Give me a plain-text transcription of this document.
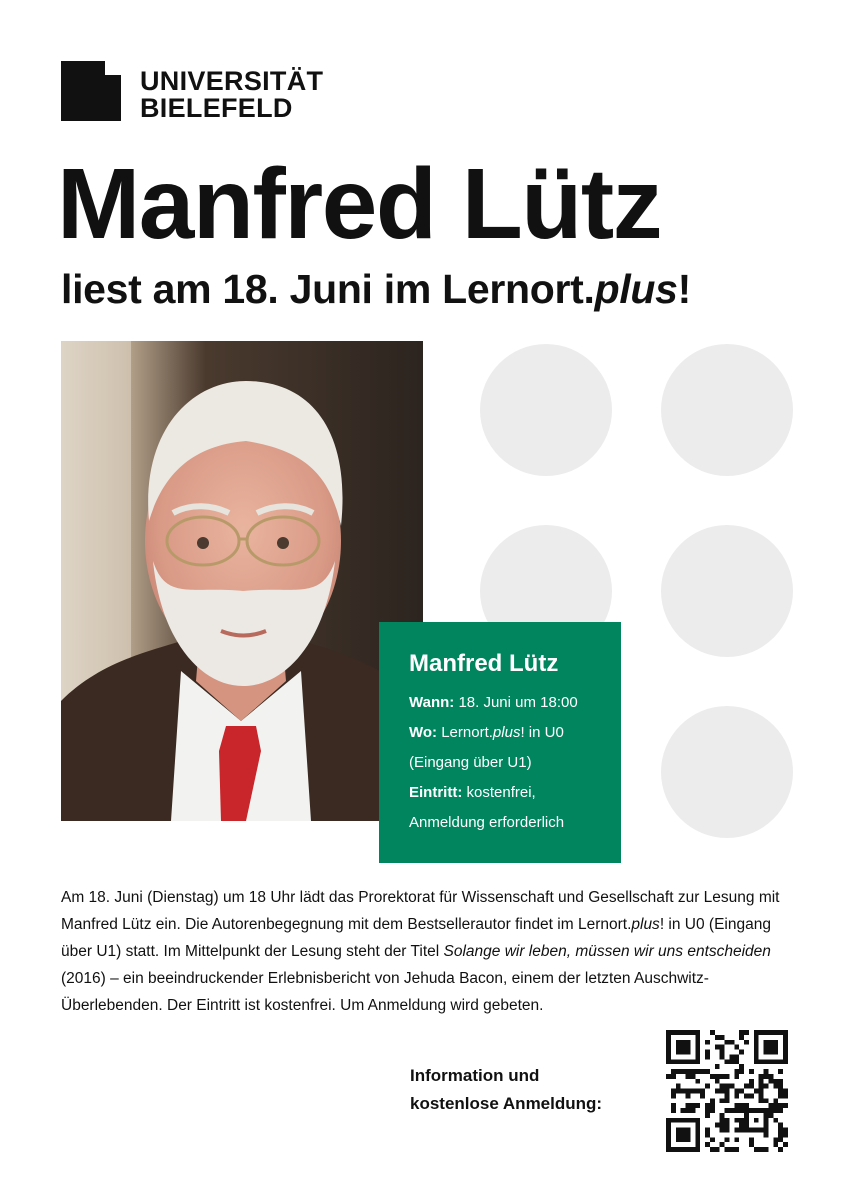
UNIVERSITÄT
BIELEFELD
Manfred Lütz
liest am 18. Juni im Lernort.plus!
Manfred Lütz
Wann: 18. Juni um 18:00
Wo: Lernort.plus! in U0
(Eingang über U1)
Eintritt: kostenfrei,
Anmeldung erforderlich

Am 18. Juni (Dienstag) um 18 Uhr lädt das Prorektorat für Wissenschaft und Gesellschaft zur Lesung mit Manfred Lütz ein. Die Autorenbegegnung mit dem Bestsellerautor findet im Lernort.plus! in U0 (Eingang über U1) statt. Im Mittelpunkt der Lesung steht der Titel Solange wir leben, müssen wir uns entscheiden (2016) – ein beeindruckender Erlebnisbericht von Jehuda Bacon, einem der letzten Auschwitz-Überlebenden. Der Eintritt ist kostenfrei. Um Anmeldung wird gebeten.

Information und
kostenlose Anmeldung:
